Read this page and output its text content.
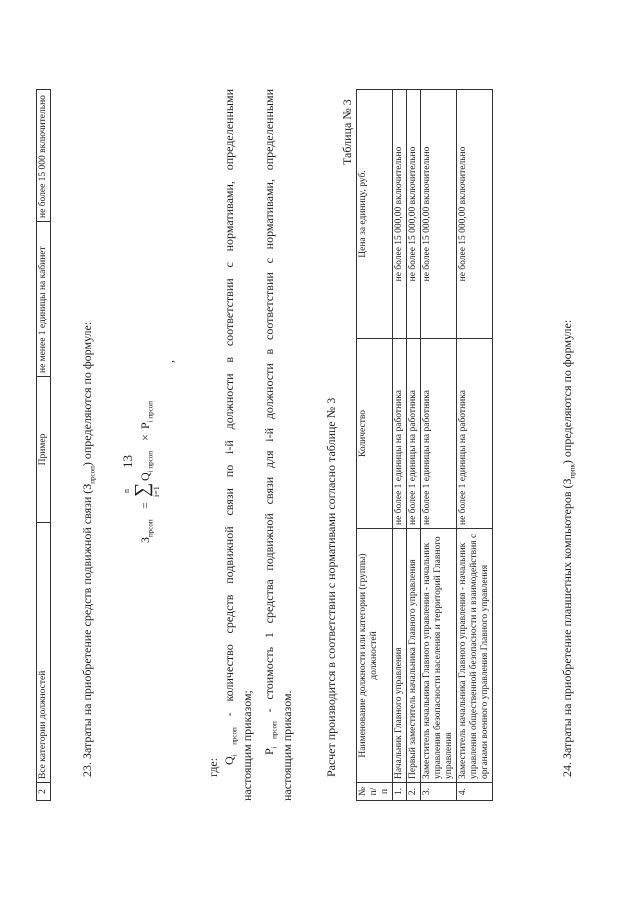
13
2	Все категории должностей	Пример	не менее 1 единицы на кабинет	не более 15 000 включительно
23. Затраты на приобретение средств подвижной связи $(З_{пpcоп})$ определяются по формуле:
$З_{пpcоп}$
=
n ∑ i=1
$Q_{i пpcоп}$
×
$P_{i пpcоп}$
,
где: $Q_{i пpcоп}$ - количество средств подвижной связи по i-й должности в соответствии с нормативами, определенными
настоящим приказом; $P_{i пpcоп}$ - стоимость 1 средства подвижной связи для i-й должности в соответствии с нормативами, определенными
настоящим приказом.	Расчет производится в соответствии с нормативами согласно таблице № 3
Таблица № 3
№ п/п	Наименование должности или категории (группы) должностей	Количество	Цена за единицу, руб.
1.	Начальник Главного управления	не более 1 единицы на работника	не более 15 000,00 включительно
2.	Первый заместитель начальника Главного управления	не более 1 единицы на работника	не более 15 000,00 включительно
3.	Заместитель начальника Главного управления - начальник управления безопасности населения и территорий Главного управления	не более 1 единицы на работника	не более 15 000,00 включительно
4.	Заместитель начальника Главного управления - начальник управления общественной безопасности и взаимодействия с органами военного управления Главного управления	не более 1 единицы на работника	не более 15 000,00 включительно
24. Затраты на приобретение планшетных компьютеров $(З_{прпк})$ определяются по формуле:
